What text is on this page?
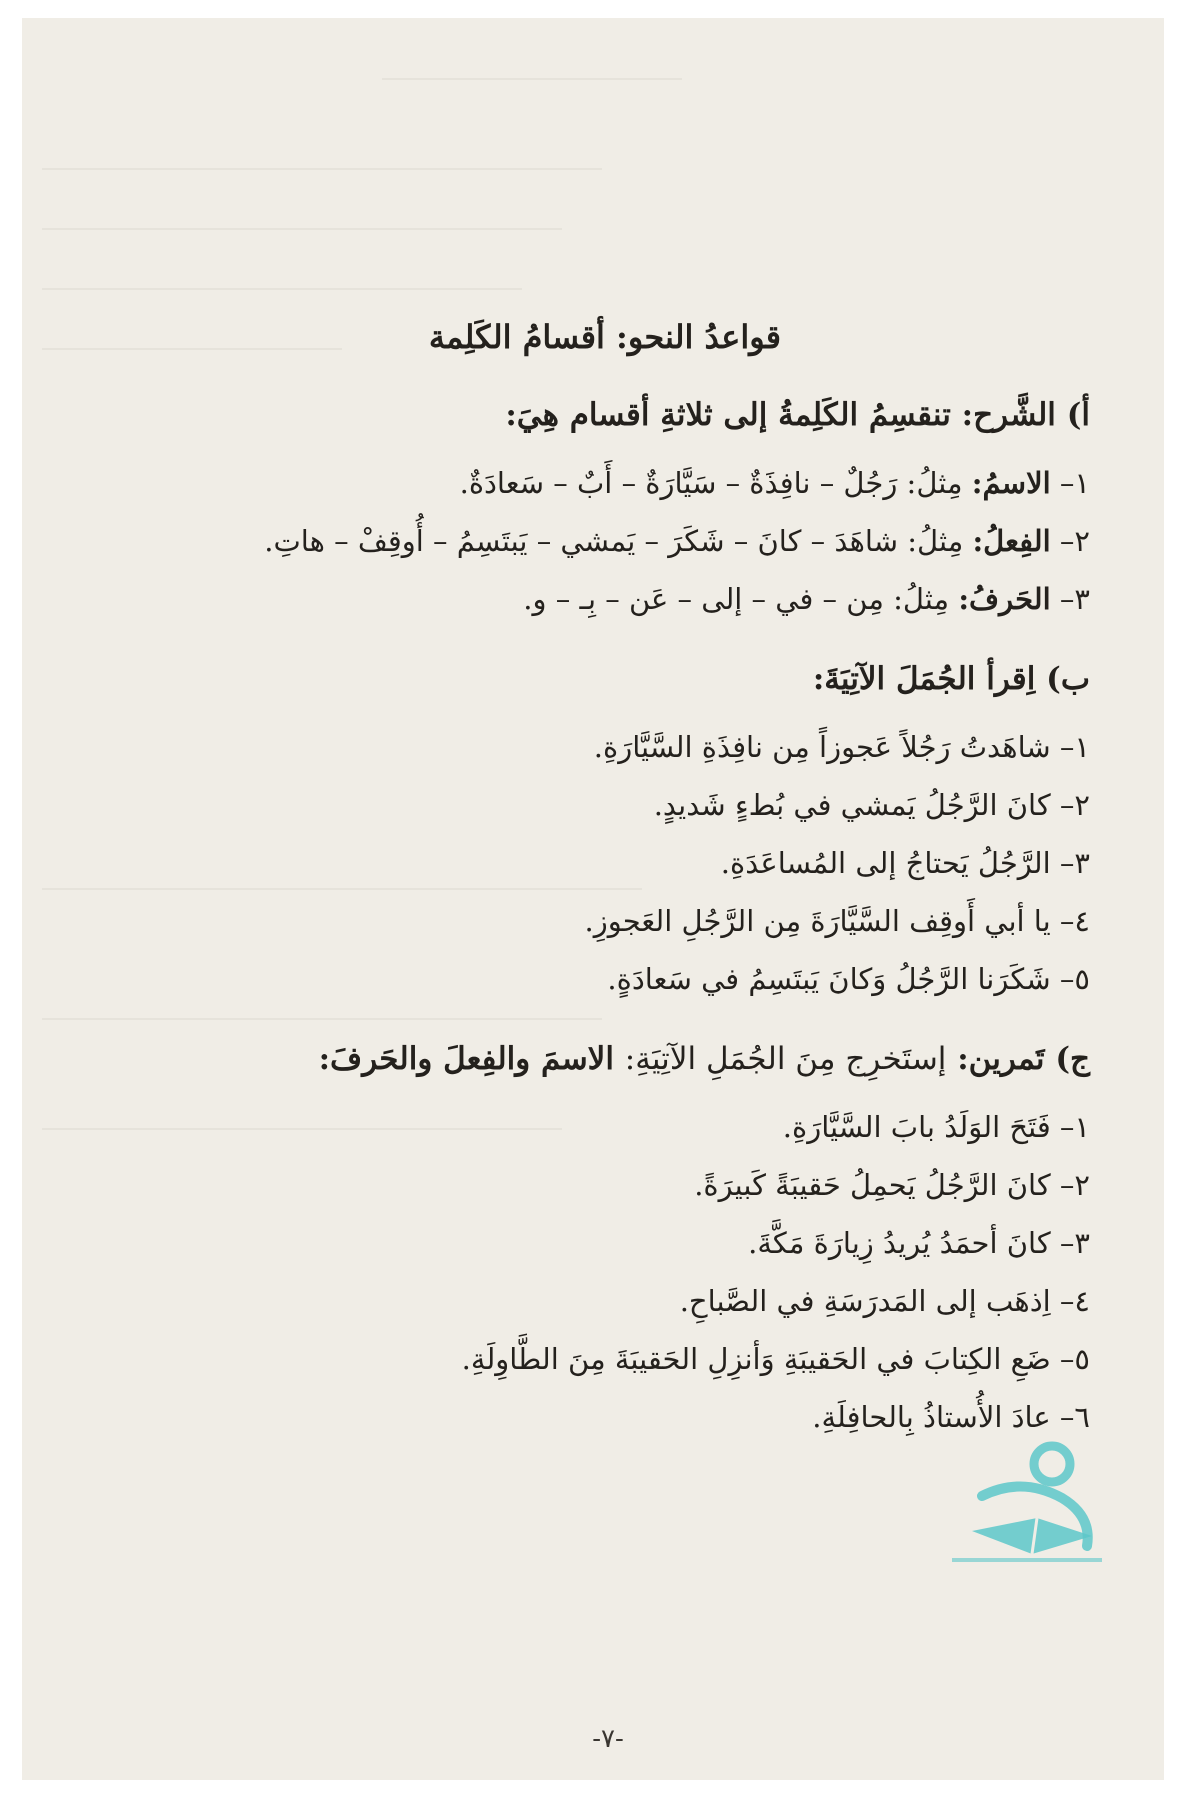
قواعدُ النحو: أقسامُ الكَلِمة
أ) الشَّرح: تنقسِمُ الكَلِمةُ إلى ثلاثةِ أقسام هِيَ:
١– الاسمُ: مِثلُ: رَجُلٌ – نافِذَةٌ – سَيَّارَةٌ – أَبٌ – سَعادَةٌ.
٢– الفِعلُ: مِثلُ: شاهَدَ – كانَ – شَكَرَ – يَمشي – يَبتَسِمُ – أُوقِفْ – هاتِ.
٣– الحَرفُ: مِثلُ: مِن – في – إلى – عَن – بِـ – و.
ب) اِقرأ الجُمَلَ الآتِيَةَ:
١– شاهَدتُ رَجُلاً عَجوزاً مِن نافِذَةِ السَّيَّارَةِ.
٢– كانَ الرَّجُلُ يَمشي في بُطءٍ شَديدٍ.
٣– الرَّجُلُ يَحتاجُ إلى المُساعَدَةِ.
٤– يا أبي أَوقِف السَّيَّارَةَ مِن الرَّجُلِ العَجوزِ.
٥– شَكَرَنا الرَّجُلُ وَكانَ يَبتَسِمُ في سَعادَةٍ.
ج) تَمرين: إستَخرِج مِنَ الجُمَلِ الآتِيَةِ: الاسمَ والفِعلَ والحَرفَ:
١– فَتَحَ الوَلَدُ بابَ السَّيَّارَةِ.
٢– كانَ الرَّجُلُ يَحمِلُ حَقيبَةً كَبيرَةً.
٣– كانَ أحمَدُ يُريدُ زِيارَةَ مَكَّةَ.
٤– اِذهَب إلى المَدرَسَةِ في الصَّباحِ.
٥– ضَعِ الكِتابَ في الحَقيبَةِ وَأنزِلِ الحَقيبَةَ مِنَ الطَّاوِلَةِ.
٦– عادَ الأُستاذُ بِالحافِلَةِ.
-٧-
